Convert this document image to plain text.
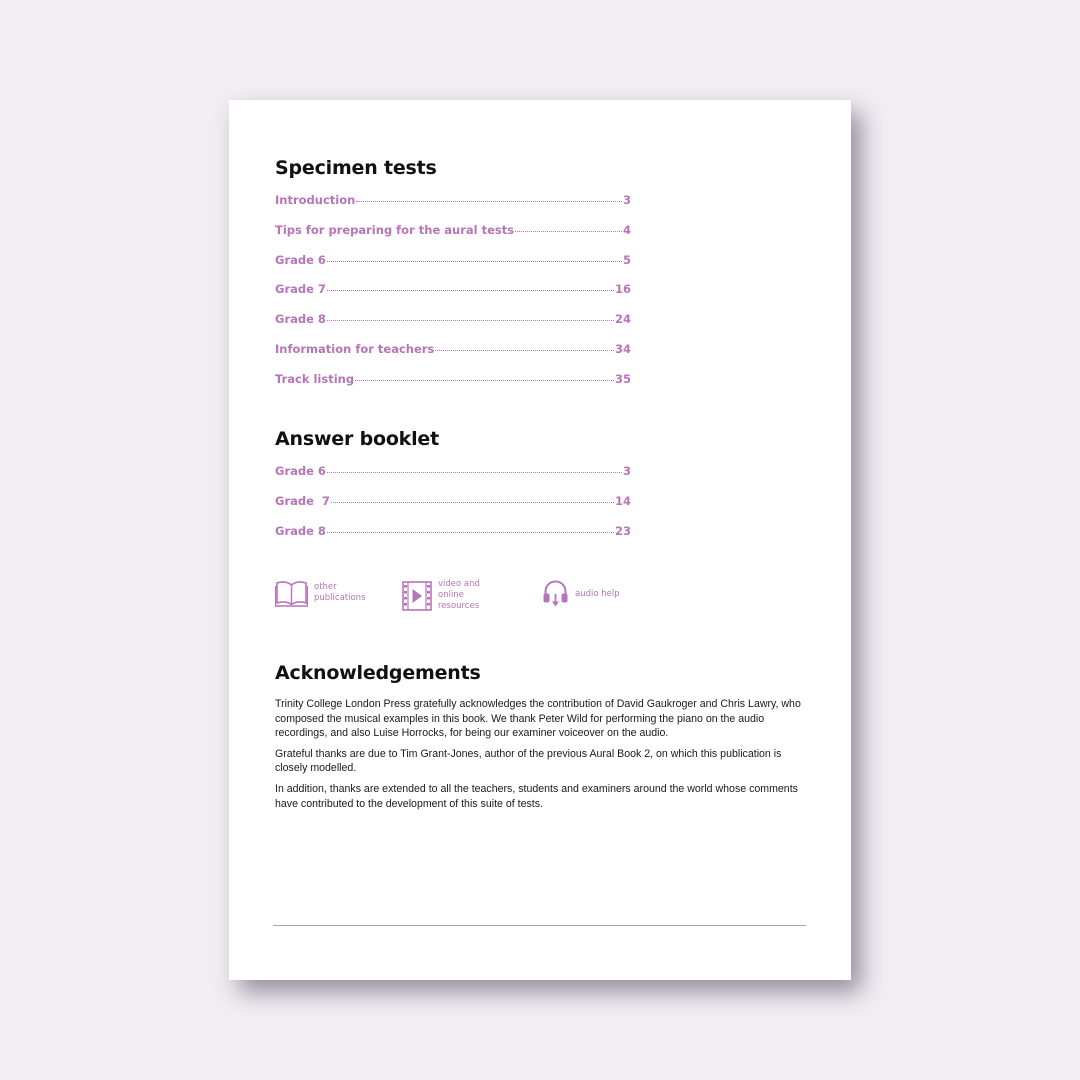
Specimen tests
Introduction	3
Tips for preparing for the aural tests	4
Grade 6	5
Grade 7	16
Grade 8	24
Information for teachers	34
Track listing	35
Answer booklet
Grade 6	3
Grade  7	14
Grade 8	23
other
publications
video and online
resources
audio help
Acknowledgements

Trinity College London Press gratefully acknowledges the contribution of David Gaukroger and Chris Lawry, who composed the musical examples in this book. We thank Peter Wild for performing the piano on the audio recordings, and also Luise Horrocks, for being our examiner voiceover on the audio.

Grateful thanks are due to Tim Grant-Jones, author of the previous Aural Book 2, on which this publication is closely modelled.

In addition, thanks are extended to all the teachers, students and examiners around the world whose comments have contributed to the development of this suite of tests.
